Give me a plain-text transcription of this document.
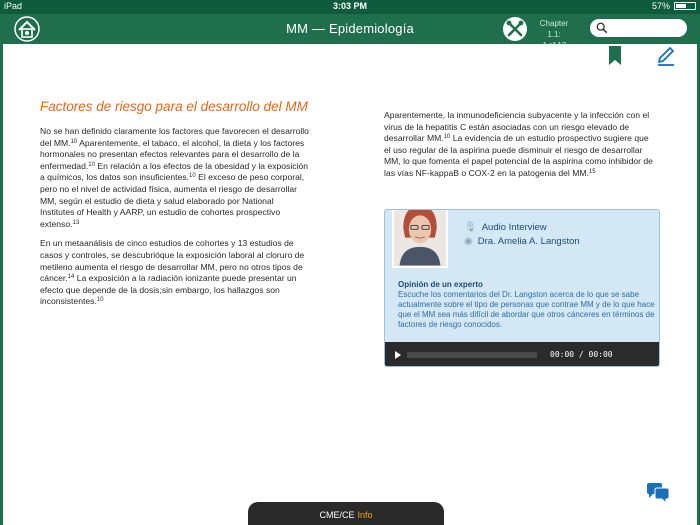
iPad	3:03 PM	57%
MM — Epidemiología	Chapter 1.1:
Factores de riesgo para el desarrollo del MM

No se han definido claramente los factores que favorecen el desarrollo del MM.$^{10}$ Aparentemente, el tabaco, el alcohol, la dieta y los factores hormonales no presentan efectos relevantes para el desarrollo de la enfermedad.$^{10}$ En relación a los efectos de la obesidad y la exposición a químicos, los datos son insuficientes.$^{10}$ El exceso de peso corporal, pero no el nivel de actividad física, aumenta el riesgo de desarrollar MM, según el estudio de dieta y salud elaborado por National Institutes of Health y AARP, un estudio de cohortes prospectivo extenso.$^{13}$

En un metaanálisis de cinco estudios de cohortes y 13 estudios de casos y controles, se descubrióque la exposición laboral al cloruro de metileno aumenta el riesgo de desarrollar MM, pero no otros tipos de cáncer.$^{14}$ La exposición a la radiación ionizante puede presentar un efecto que depende de la dosis;sin embargo, los hallazgos son inconsistentes.$^{10}$

Aparentemente, la inmunodeficiencia subyacente y la infección con el virus de la hepatitis C están asociadas con un riesgo elevado de desarrollar MM.$^{10}$ La evidencia de un estudio prospectivo sugiere que el uso regular de la aspirina puede disminuir el riesgo de desarrollar MM, lo que fomenta el papel potencial de la aspirina como inhibidor de las vías NF-kappaB o COX-2 en la patogenia del MM.$^{15}$

🎙 Audio Interview
◉ Dra. Amelia A. Langston
Opinión de un experto
Escuche los comentarios del Dr. Langston acerca de lo que se sabe actualmente sobre el tipo de personas que contrae MM y de lo que hace que el MM sea más difícil de abordar que otros cánceres en términos de factores de riesgo conocidos.
00:00 / 00:00
CME/CE Info
